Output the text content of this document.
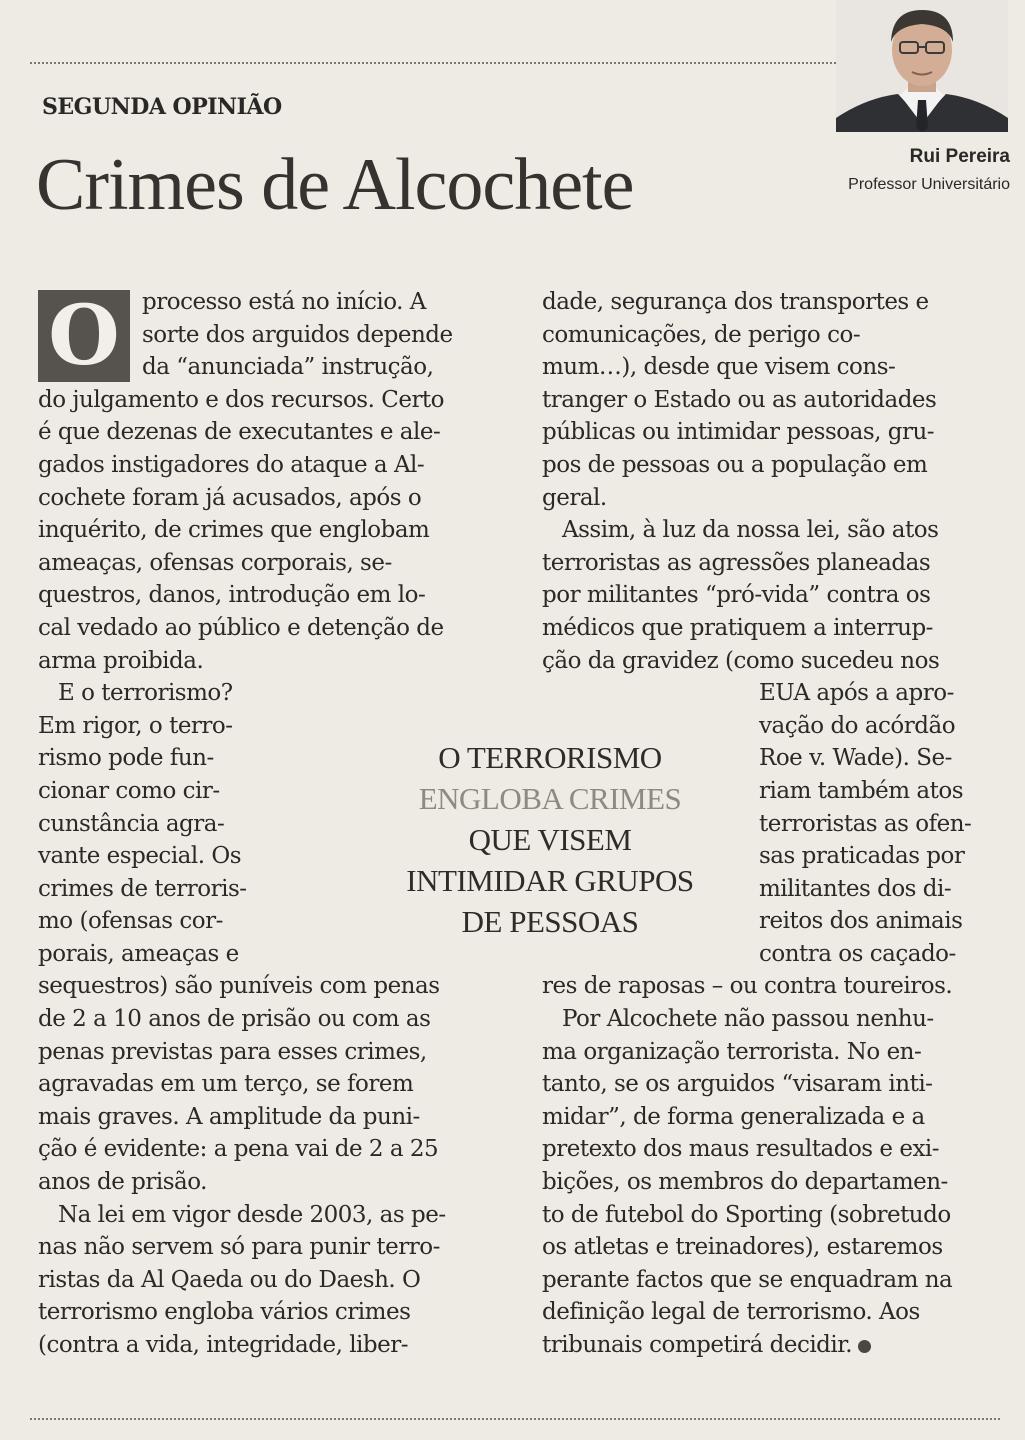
SEGUNDA OPINIÃO
Crimes de Alcochete	Rui Pereira

Professor Universitário

O processo está no início. A

sorte dos arguidos depende

da “anunciada” instrução,

do julgamento e dos recursos. Certo

é que dezenas de executantes e ale-

gados instigadores do ataque a Al-

cochete foram já acusados, após o

inquérito, de crimes que englobam

ameaças, ofensas corporais, se-

questros, danos, introdução em lo-

cal vedado ao público e detenção de

arma proibida.

E o terrorismo?

Em rigor, o terro-

rismo pode fun-

cionar como cir-

cunstância agra-

vante especial. Os

crimes de terroris-

mo (ofensas cor-

porais, ameaças e

sequestros) são puníveis com penas

de 2 a 10 anos de prisão ou com as

penas previstas para esses crimes,

agravadas em um terço, se forem

mais graves. A amplitude da puni-

ção é evidente: a pena vai de 2 a 25

anos de prisão.

Na lei em vigor desde 2003, as pe-

nas não servem só para punir terro-

ristas da Al Qaeda ou do Daesh. O

terrorismo engloba vários crimes

(contra a vida, integridade, liber-

dade, segurança dos transportes e

comunicações, de perigo co-

mum…), desde que visem cons-

tranger o Estado ou as autoridades

públicas ou intimidar pessoas, gru-

pos de pessoas ou a população em

geral.

Assim, à luz da nossa lei, são atos

terroristas as agressões planeadas

por militantes “pró-vida” contra os

médicos que pratiquem a interrup-

ção da gravidez (como sucedeu nos

EUA após a apro-

vação do acórdão

Roe v. Wade). Se-

riam também atos

terroristas as ofen-

sas praticadas por

militantes dos di-

reitos dos animais

contra os caçado-

res de raposas – ou contra toureiros.

Por Alcochete não passou nenhu-

ma organização terrorista. No en-

tanto, se os arguidos “visaram inti-

midar”, de forma generalizada e a

pretexto dos maus resultados e exi-

bições, os membros do departamen-

to de futebol do Sporting (sobretudo

os atletas e treinadores), estaremos

perante factos que se enquadram na

definição legal de terrorismo. Aos

tribunais competirá decidir.

O TERRORISMO
ENGLOBA CRIMES
QUE VISEM
INTIMIDAR GRUPOS
DE PESSOAS
